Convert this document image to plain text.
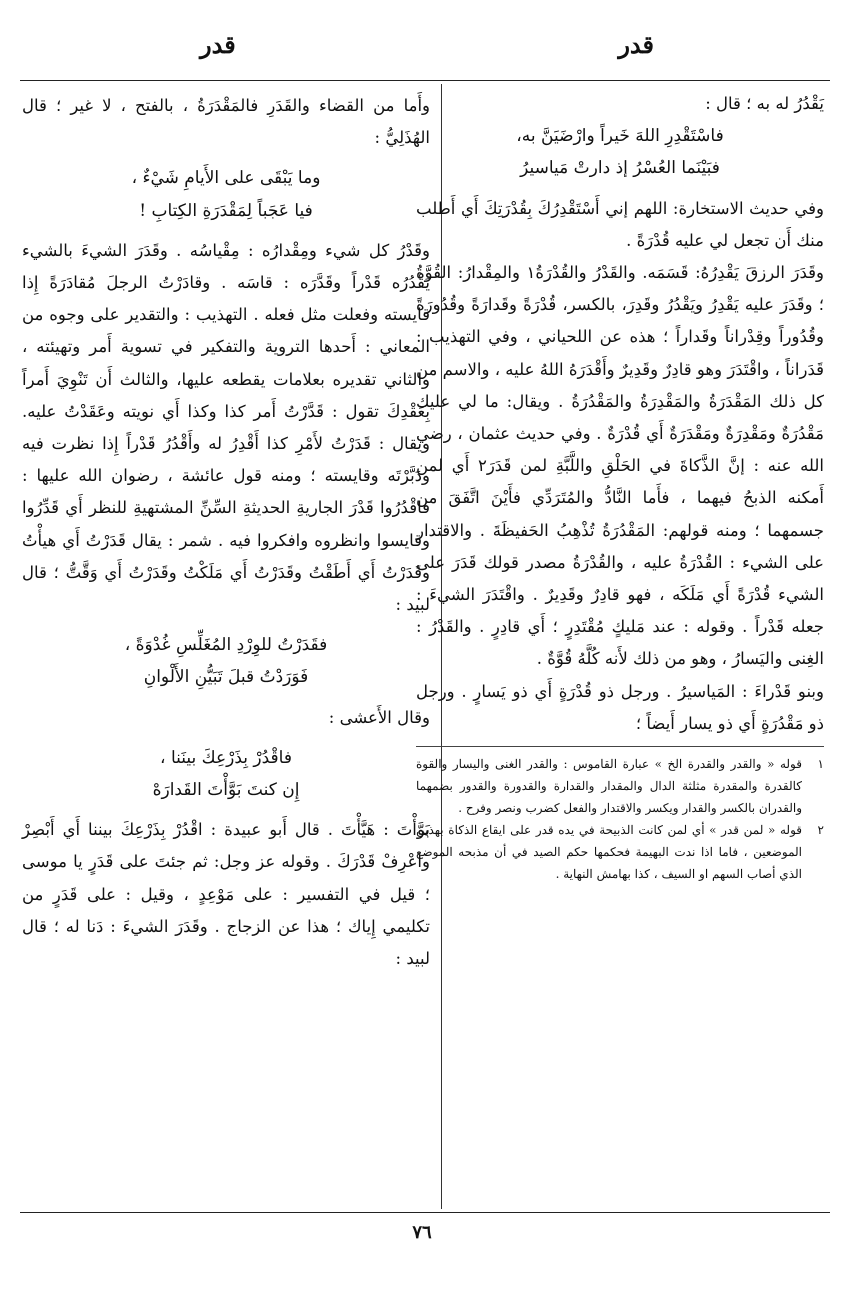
قدر
قدر

يَقْدُرُ له به ؛ قال :

فاسْتَقْدِرِ اللهَ خَيراً وارْضَيَنَّ به،

فبَيْنَما العُسْرُ إذ دارتْ مَياسيرُ

وفي حديث الاستخارة: اللهم إني أَسْتَقْدِرُكَ بِقُدْرَتِكَ أَي أَطلب منك أَن تجعل لي عليه قُدْرَةً .

وقَدَرَ الرزقَ يَقْدِرُهُ: قَسَمَه. والقَدْرُ والقُدْرَةُ١ والمِقْدارُ: القُوَّةُ ؛ وقَدَرَ عليه يَقْدِرُ ويَقْدُرُ وقَدِرَ، بالكسر، قُدْرَةً وقَدارَةً وقُدُورَةً وقُدُوراً وقِدْراناً وقَداراً ؛ هذه عن اللحياني ، وفي التهذيب : قَدَراناً ، واقْتَدَرَ وهو قادِرٌ وقَدِيرٌ وأَقْدَرَهُ اللهُ عليه ، والاسم من كل ذلك المَقْدَرَةُ والمَقْدِرَةُ والمَقْدُرَةُ . ويقال: ما لي عليك مَقْدُرَةٌ ومَقْدِرَةٌ ومَقْدَرَةٌ أَي قُدْرَةٌ . وفي حديث عثمان ، رضي الله عنه : إنَّ الذَّكاةَ في الحَلْقِ واللَّبَّةِ لمن قَدَرَ٢ أَي لمن أَمكنه الذبحُ فيهما ، فأَما النَّادُّ والمُتَرَدِّي فأَيْنَ اتَّفَقَ من جسمهما ؛ ومنه قولهم: المَقْدُرَةُ تُذْهِبُ الحَفيظَةَ . والاقتدار على الشيء : القُدْرَةُ عليه ، والقُدْرَةُ مصدر قولك قَدَرَ على الشيء قُدْرَةً أَي مَلَكَه ، فهو قادِرٌ وقَدِيرٌ . واقْتَدَرَ الشيءَ : جعله قَدْراً . وقوله : عند مَليكٍ مُقْتَدِرٍ ؛ أَي قادِرٍ . والقَدْرُ : الغِنى واليَسارُ ، وهو من ذلك لأَنه كُلَّهُ قُوَّةٌ .

وبنو قَدْراءَ : المَياسيرُ . ورجل ذو قُدْرَةٍ أَي ذو يَسارٍ . ورجل ذو مَقْدُرَةٍ أَي ذو يسار أَيضاً ؛

١
قوله « والقدر والقدرة الخ » عبارة القاموس : والقدر الغنى واليسار والقوة كالقدرة والمقدرة مثلثة الدال والمقدار والقدارة والقدورة والقدور بضمهما والقدران بالكسر والقدار ويكسر والاقتدار والفعل كضرب ونصر وفرح .

٢
قوله « لمن قدر » أي لمن كانت الذبيحة في يده قدر على ايقاع الذكاة بهذين الموضعين ، فاما اذا ندت البهيمة فحكمها حكم الصيد في أن مذبحه الموضع الذي أصاب السهم او السيف ، كذا بهامش النهاية .

وأَما من القضاء والقَدَرِ فالمَقْدَرَةُ ، بالفتح ، لا غير ؛ قال الهُذَلِيُّ :

وما يَبْقَى على الأَيامِ شَيْءٌ ،

فيا عَجَباً لِمَقْدَرَةِ الكِتابِ !

وقَدْرُ كل شيء ومِقْدارُه : مِقْياسُه . وقَدَرَ الشيءَ بالشيء يَقْدُرُه قَدْراً وقَدَّرَه : قاسَه . وقادَرْتُ الرجلَ مُقادَرَةً إِذا قايسته وفعلت مثل فعله . التهذيب : والتقدير على وجوه من المعاني : أَحدها التروية والتفكير في تسوية أَمر وتهيئته ، والثاني تقديره بعلامات يقطعه عليها، والثالث أَن تَنْوِيَ أَمراً بِعَقْدِكَ تقول : قَدَّرْتُ أَمر كذا وكذا أَي نويته وعَقَدْتُ عليه. ويقال : قَدَرْتُ لأَمْرِ كذا أَقْدِرُ له وأَقْدُرُ قَدْراً إِذا نظرت فيه ودَبَّرْتَه وقايسته ؛ ومنه قول عائشة ، رضوان الله عليها : فاقْدُرُوا قَدْرَ الجاريةِ الحديثةِ السِّنِّ المشتهيةِ للنظر أَي قَدِّرُوا وقايسوا وانظروه وافكروا فيه . شمر : يقال قَدَرْتُ أَي هيأْتُ وقَدَرْتُ أَي أَطَقْتُ وقَدَرْتُ أَي مَلَكْتُ وقَدَرْتُ أَي وَقَّتُّ ؛ قال لبيد :

فقَدَرْتُ للوِرْدِ المُغَلِّسِ غُدْوَةً ،

فَوَرَدْتُ قبلَ تَبَيُّنِ الأَلْوانِ

وقال الأَعشى :

فاقْدُرْ بِذَرْعِكَ بينَنا ،

إِن كنتَ بَوَّأْتَ القَدارَهْ

بَوَّأْتَ : هَيَّأْتَ . قال أَبو عبيدة : اقْدُرْ بِذَرْعِكَ بيننا أَي أَبْصِرْ واعْرِفْ قَدْرَكَ . وقوله عز وجل: ثم جئتَ على قَدَرٍ يا موسى ؛ قيل في التفسير : على مَوْعِدٍ ، وقيل : على قَدَرٍ من تكليمي إِياك ؛ هذا عن الزجاج . وقَدَرَ الشيءَ : دَنا له ؛ قال لبيد :

٧٦
